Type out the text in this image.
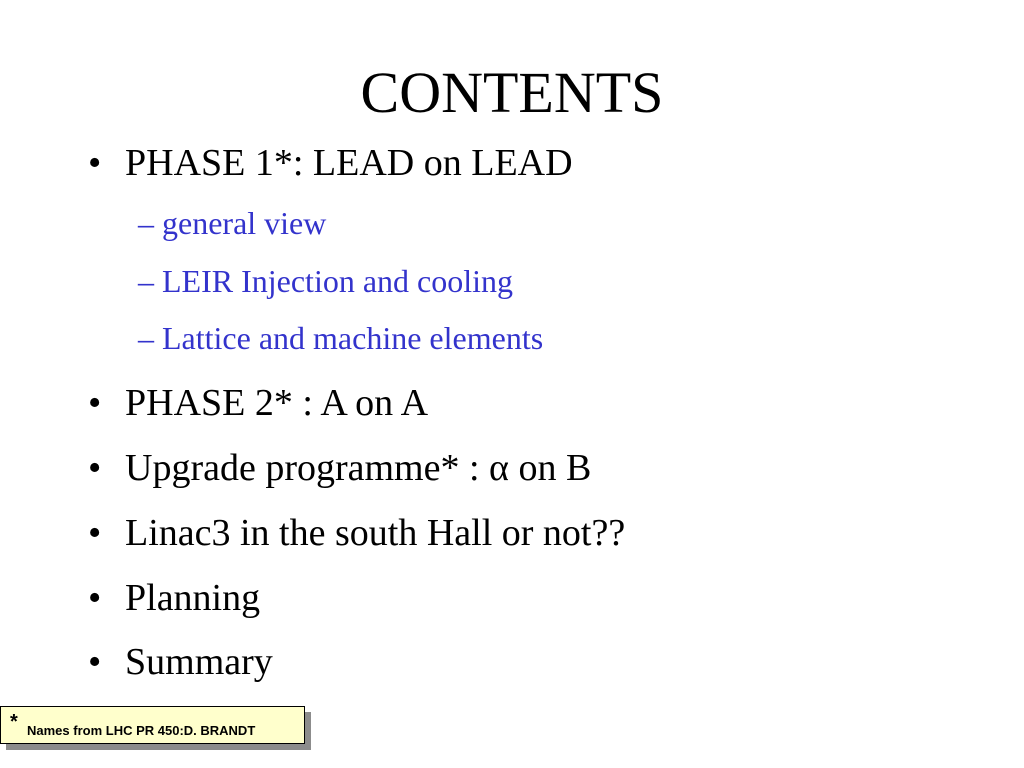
CONTENTS
• PHASE 1*: LEAD on LEAD
– general view
– LEIR Injection and cooling
– Lattice and machine elements
• PHASE 2* : A on A
• Upgrade programme* : α on B
• Linac3 in the south Hall or not??
• Planning
• Summary
* Names from LHC PR 450:D. BRANDT
